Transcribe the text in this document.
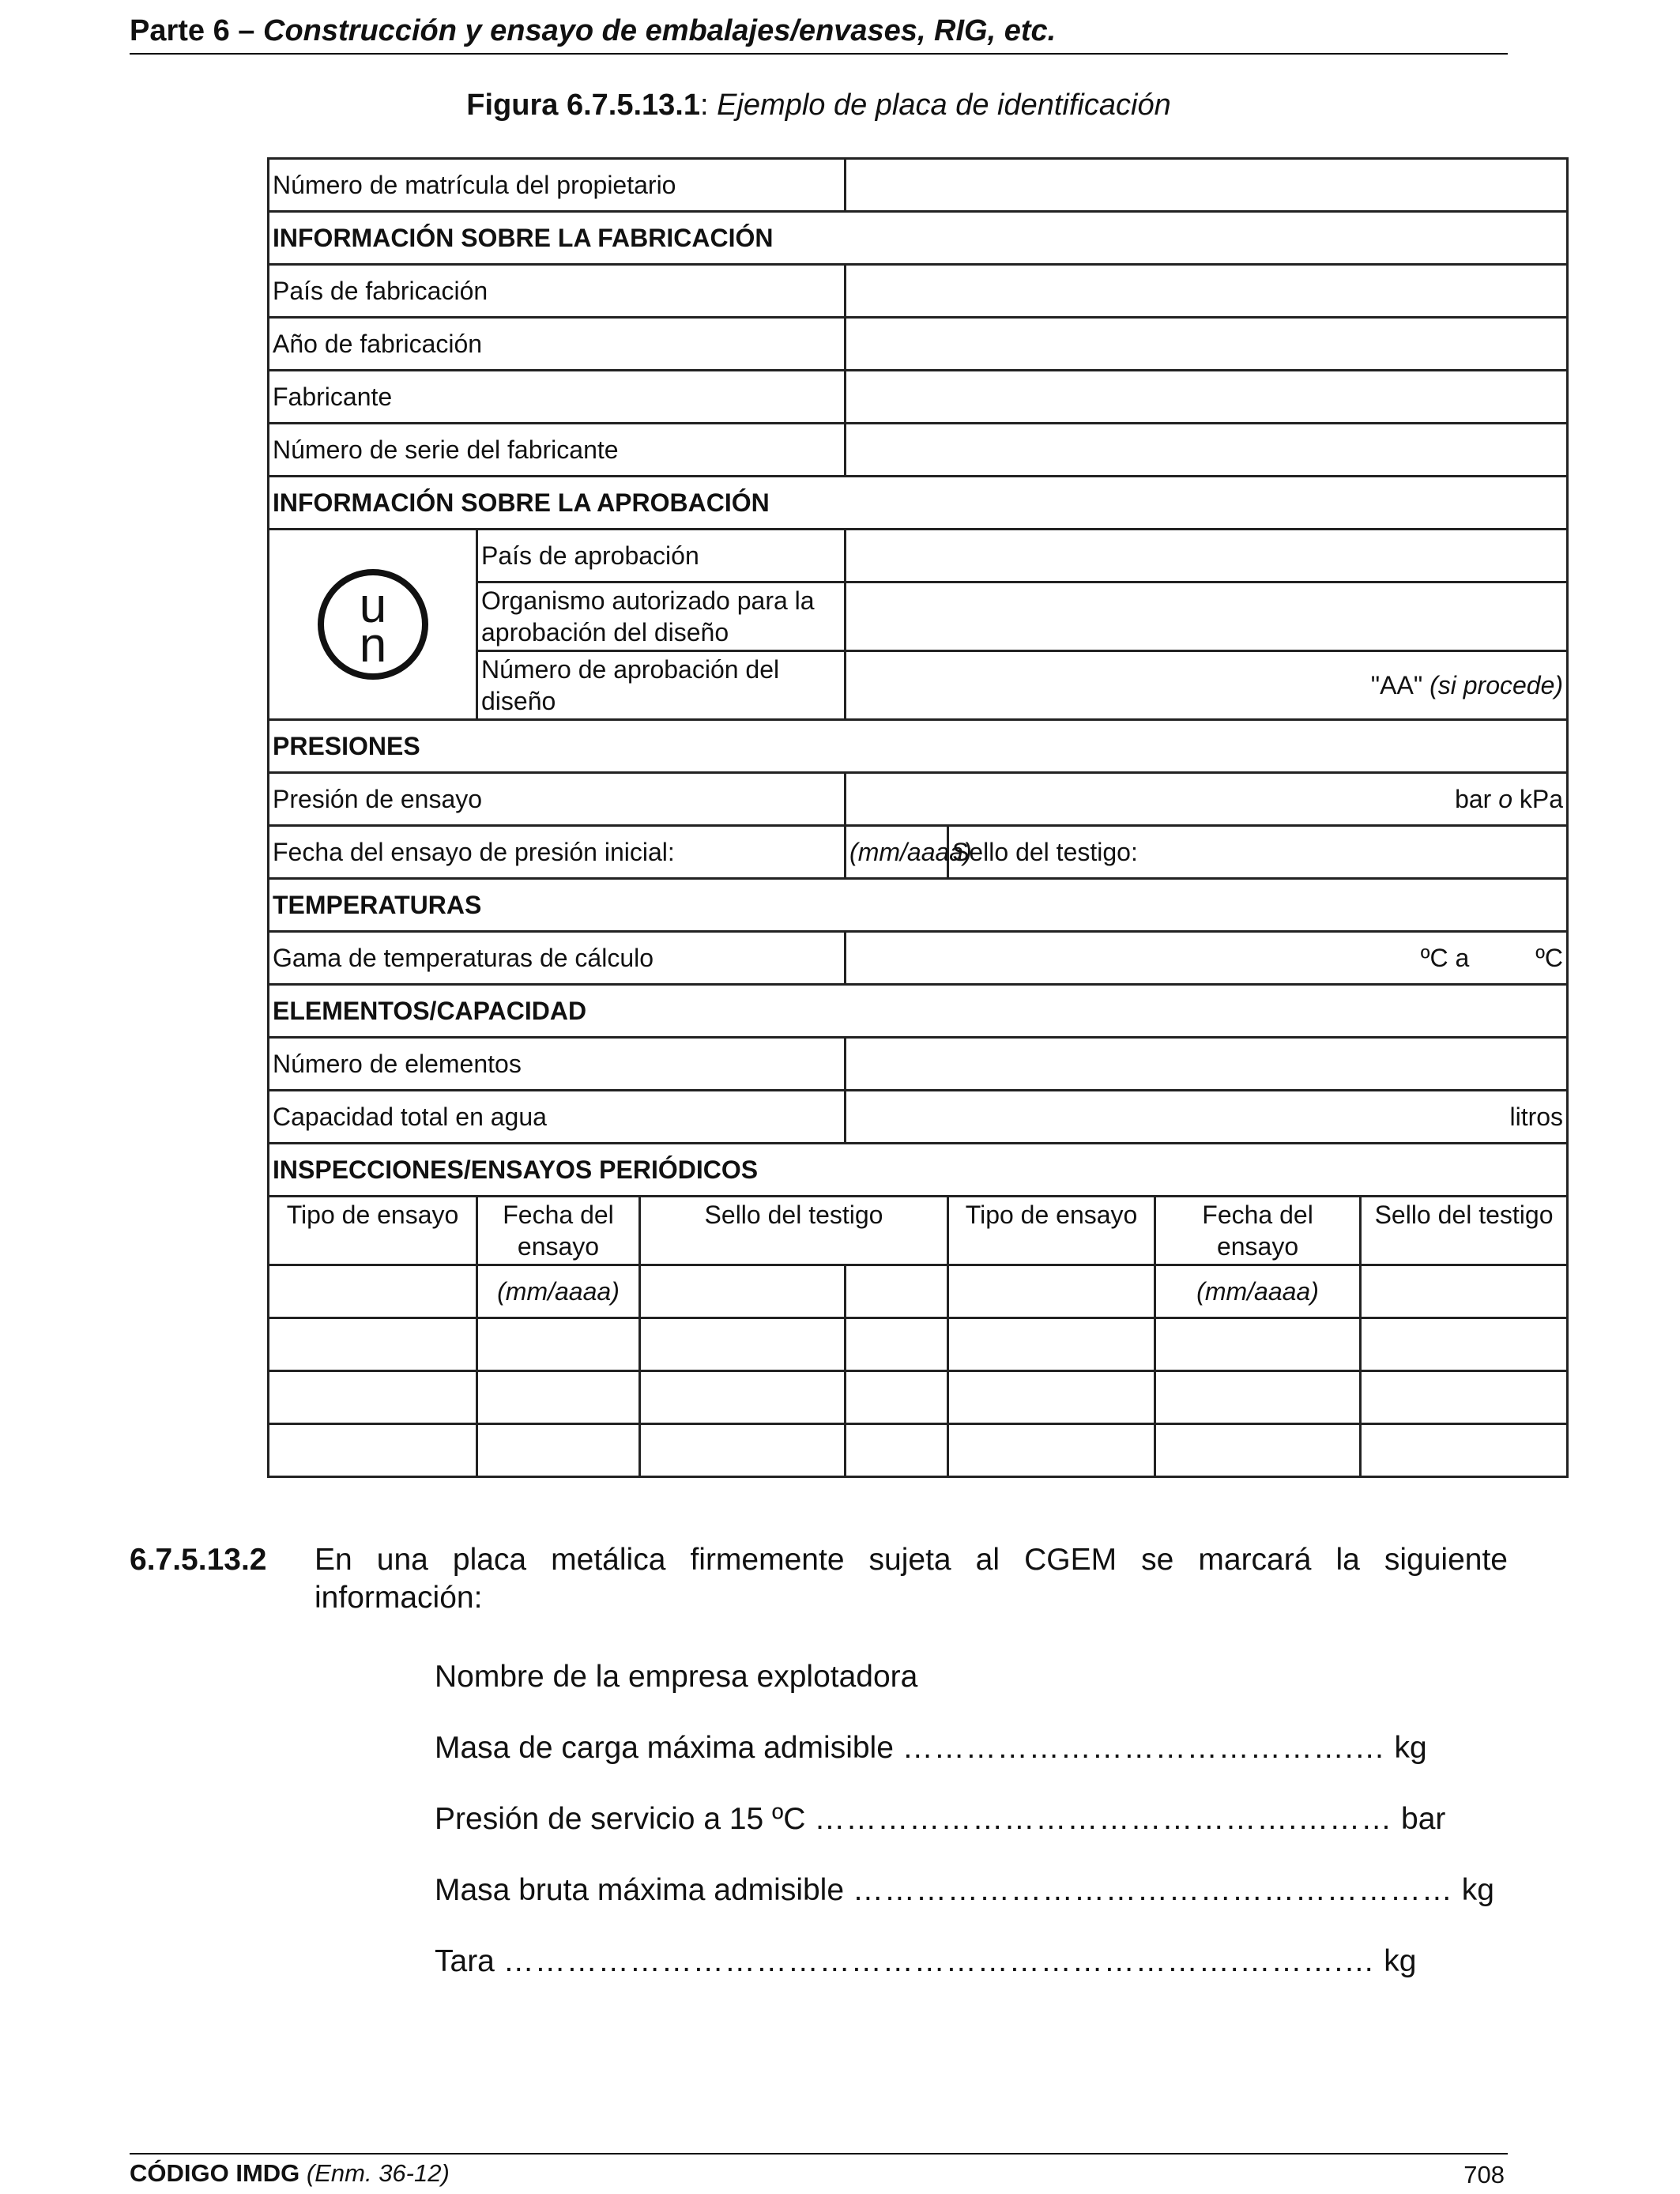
Parte 6 – Construcción y ensayo de embalajes/envases, RIG, etc.
Figura 6.7.5.13.1: Ejemplo de placa de identificación
Número de matrícula del propietario						
INFORMACIÓN SOBRE LA FABRICACIÓN						
País de fabricación						
Año de fabricación						
Fabricante						
Número de serie del fabricante						
INFORMACIÓN SOBRE LA APROBACIÓN						

u
n	País de aprobación					
	Organismo autorizado para la aprobación del diseño					
	Número de aprobación del diseño		"AA" (si procede)			
PRESIONES						
Presión de ensayo			bar o kPa			
Fecha del ensayo de presión inicial:			(mm/aaaa)	Sello del testigo:		
TEMPERATURAS						
Gama de temperaturas de cálculo			ºC a ºC			
ELEMENTOS/CAPACIDAD						
Número de elementos						
Capacidad total en agua			litros			
INSPECCIONES/ENSAYOS PERIÓDICOS						
Tipo de ensayo	Fecha del ensayo	Sello del testigo		Tipo de ensayo	Fecha del ensayo	Sello del testigo
	(mm/aaaa)				(mm/aaaa)	

6.7.5.13.2 En una placa metálica firmemente sujeta al CGEM se marcará la siguiente información:
Nombre de la empresa explotadora
Masa de carga máxima admisible …………………………………….… kg
Presión de servicio a 15 ºC ……………………………………….……… bar
Masa bruta máxima admisible ………………………………………………… kg
Tara …………………………………………………………….……….… kg
CÓDIGO IMDG (Enm. 36-12)	708
